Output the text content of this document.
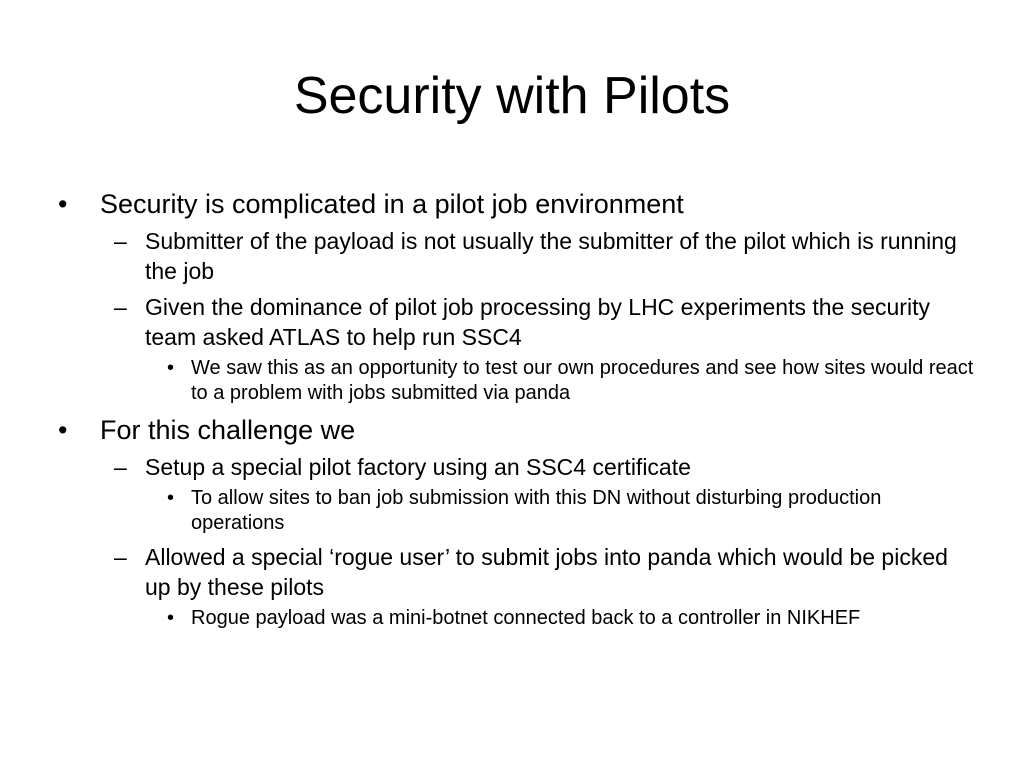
Security with Pilots
• Security is complicated in a pilot job environment
– Submitter of the payload is not usually the submitter of the pilot which is running the job
– Given the dominance of pilot job processing by LHC experiments the security team asked ATLAS to help run SSC4
• We saw this as an opportunity to test our own procedures and see how sites would react to a problem with jobs submitted via panda
• For this challenge we
– Setup a special pilot factory using an SSC4 certificate
• To allow sites to ban job submission with this DN without disturbing production operations
– Allowed a special ‘rogue user’ to submit jobs into panda which would be picked up by these pilots
• Rogue payload was a mini-botnet connected back to a controller in NIKHEF
